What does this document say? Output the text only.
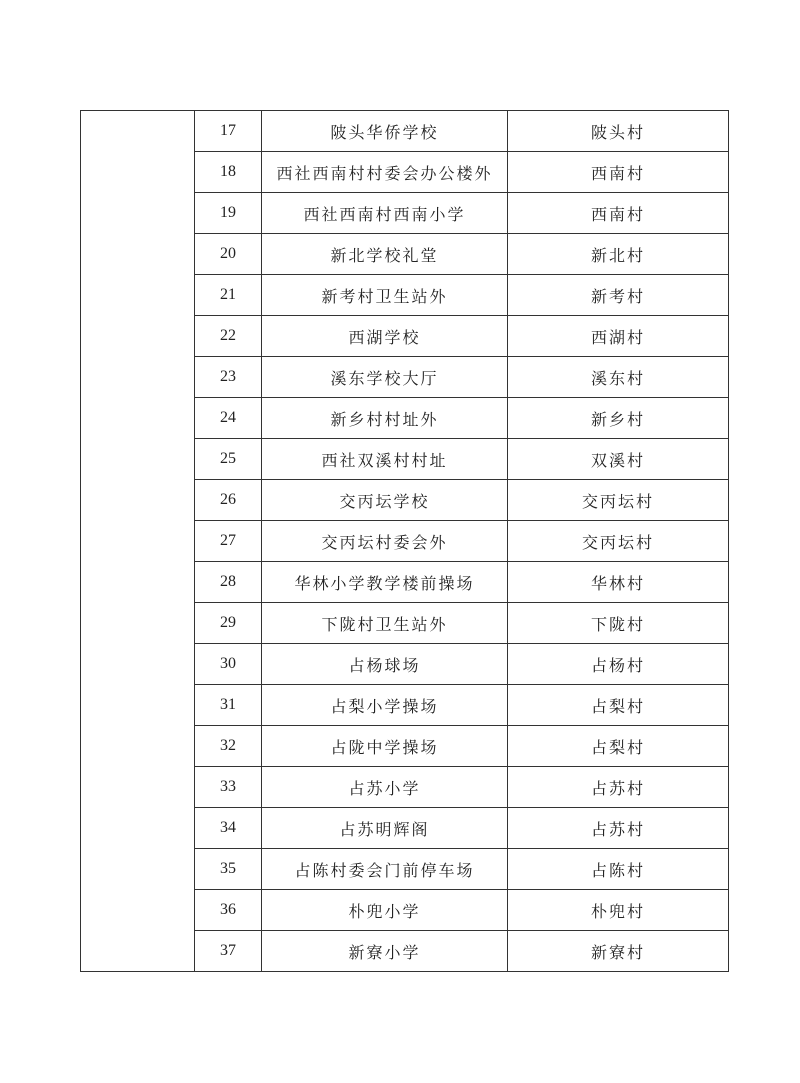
	17	陂头华侨学校	陂头村
	18	西社西南村村委会办公楼外	西南村
	19	西社西南村西南小学	西南村
	20	新北学校礼堂	新北村
	21	新考村卫生站外	新考村
	22	西湖学校	西湖村
	23	溪东学校大厅	溪东村
	24	新乡村村址外	新乡村
	25	西社双溪村村址	双溪村
	26	交丙坛学校	交丙坛村
	27	交丙坛村委会外	交丙坛村
	28	华林小学教学楼前操场	华林村
	29	下陇村卫生站外	下陇村
	30	占杨球场	占杨村
	31	占梨小学操场	占梨村
	32	占陇中学操场	占梨村
	33	占苏小学	占苏村
	34	占苏明辉阁	占苏村
	35	占陈村委会门前停车场	占陈村
	36	朴兜小学	朴兜村
	37	新寮小学	新寮村
